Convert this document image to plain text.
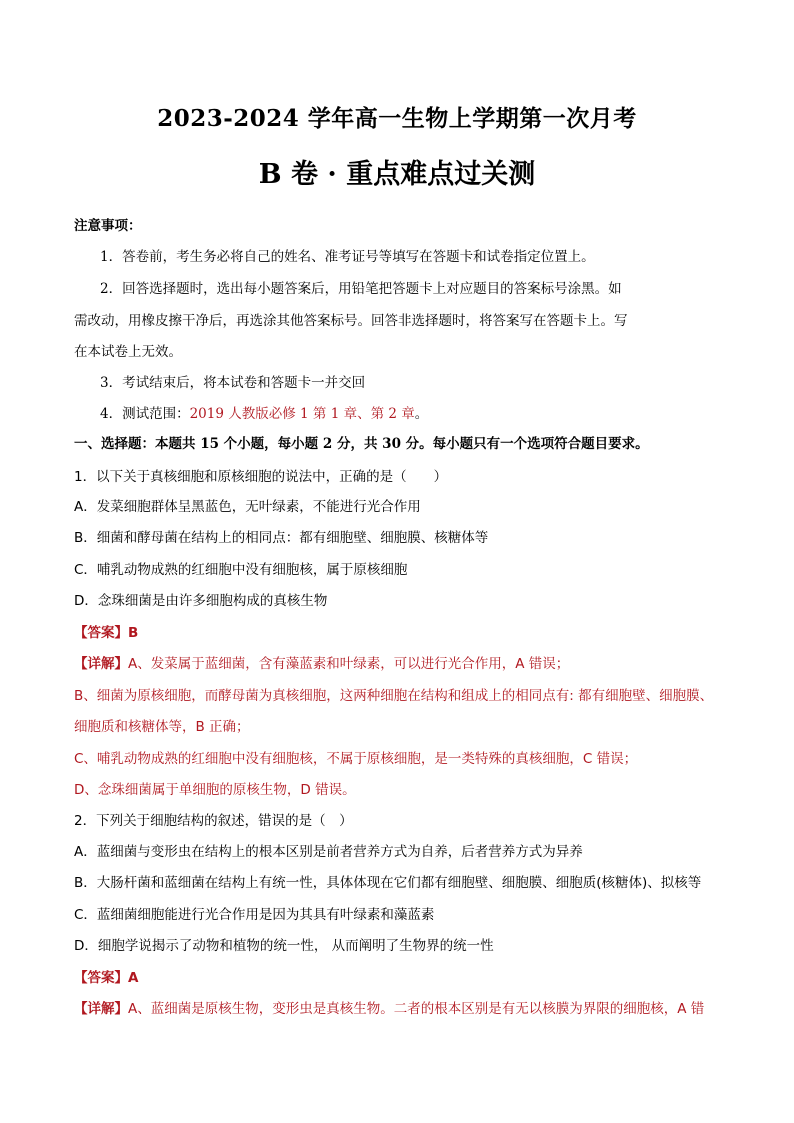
2023-2024 学年高一生物上学期第一次月考
B 卷 · 重点难点过关测
注意事项：
1．答卷前，考生务必将自己的姓名、准考证号等填写在答题卡和试卷指定位置上。
2．回答选择题时，选出每小题答案后，用铅笔把答题卡上对应题目的答案标号涂黑。如
需改动，用橡皮擦干净后，再选涂其他答案标号。回答非选择题时，将答案写在答题卡上。写
在本试卷上无效。
3．考试结束后，将本试卷和答题卡一并交回
4．测试范围：2019 人教版必修 1 第 1 章、第 2 章。
一、选择题：本题共 15 个小题，每小题 2 分，共 30 分。每小题只有一个选项符合题目要求。
1．以下关于真核细胞和原核细胞的说法中，正确的是（　　）
A．发菜细胞群体呈黑蓝色，无叶绿素，不能进行光合作用
B．细菌和酵母菌在结构上的相同点：都有细胞壁、细胞膜、核糖体等
C．哺乳动物成熟的红细胞中没有细胞核，属于原核细胞
D．念珠细菌是由许多细胞构成的真核生物
【答案】B
【详解】A、发菜属于蓝细菌，含有藻蓝素和叶绿素，可以进行光合作用，A 错误；
B、细菌为原核细胞，而酵母菌为真核细胞，这两种细胞在结构和组成上的相同点有: 都有细胞壁、细胞膜、
细胞质和核糖体等，B 正确；
C、哺乳动物成熟的红细胞中没有细胞核，不属于原核细胞，是一类特殊的真核细胞，C 错误；
D、念珠细菌属于单细胞的原核生物，D 错误。
2．下列关于细胞结构的叙述，错误的是（　）
A．蓝细菌与变形虫在结构上的根本区别是前者营养方式为自养，后者营养方式为异养
B．大肠杆菌和蓝细菌在结构上有统一性，具体体现在它们都有细胞壁、细胞膜、细胞质(核糖体)、拟核等
C．蓝细菌细胞能进行光合作用是因为其具有叶绿素和藻蓝素
D．细胞学说揭示了动物和植物的统一性， 从而阐明了生物界的统一性
【答案】A
【详解】A、蓝细菌是原核生物，变形虫是真核生物。二者的根本区别是有无以核膜为界限的细胞核，A 错
